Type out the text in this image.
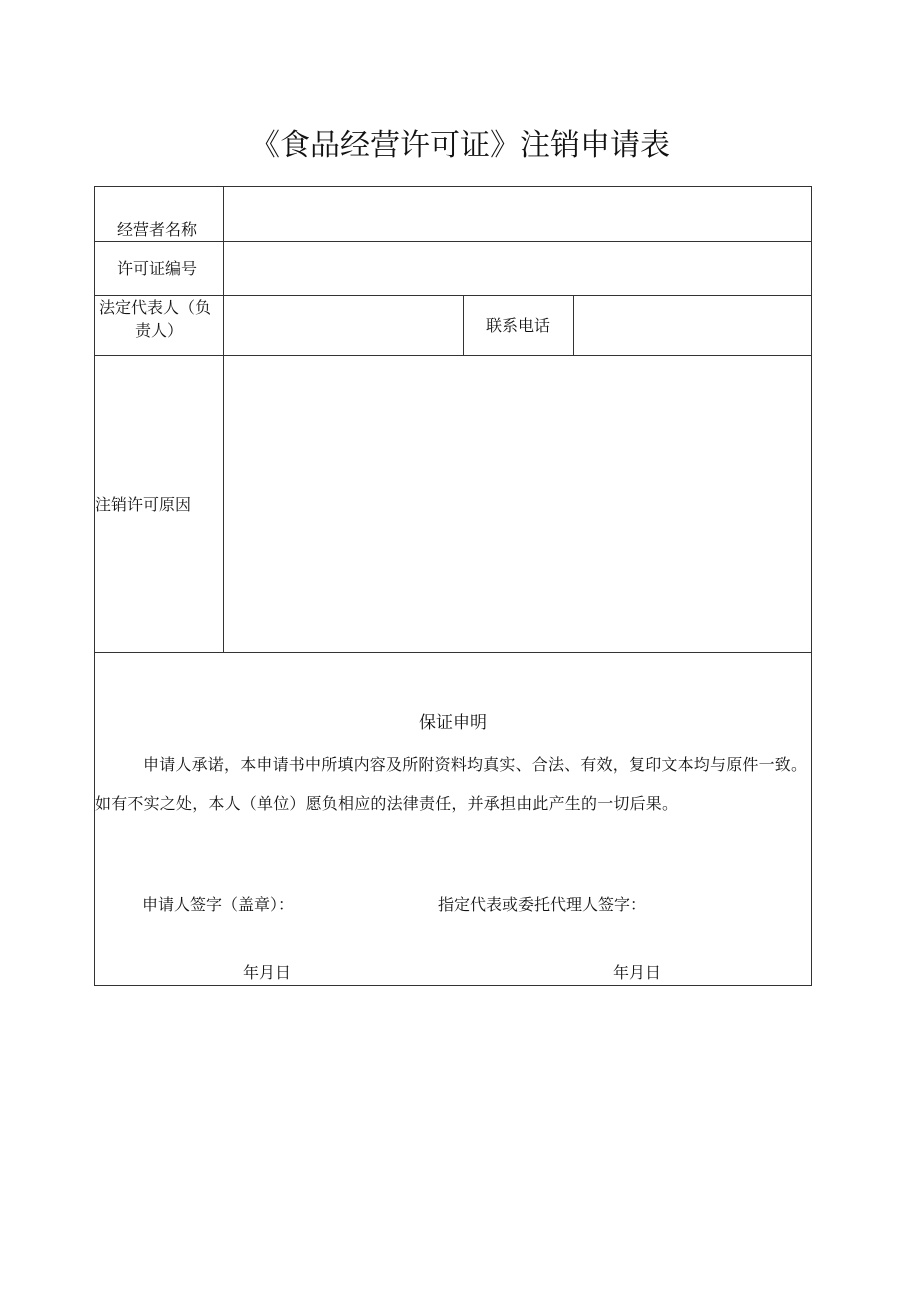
《食品经营许可证》注销申请表
经营者名称
许可证编号
法定代表人（负
责人）	联系电话
注销许可原因
保证申明
申请人承诺，本申请书中所填内容及所附资料均真实、合法、有效，复印文本均与原件一致。如有不实之处，本人（单位）愿负相应的法律责任，并承担由此产生的一切后果。
申请人签字（盖章）：	指定代表或委托代理人签字：
年月日	年月日
